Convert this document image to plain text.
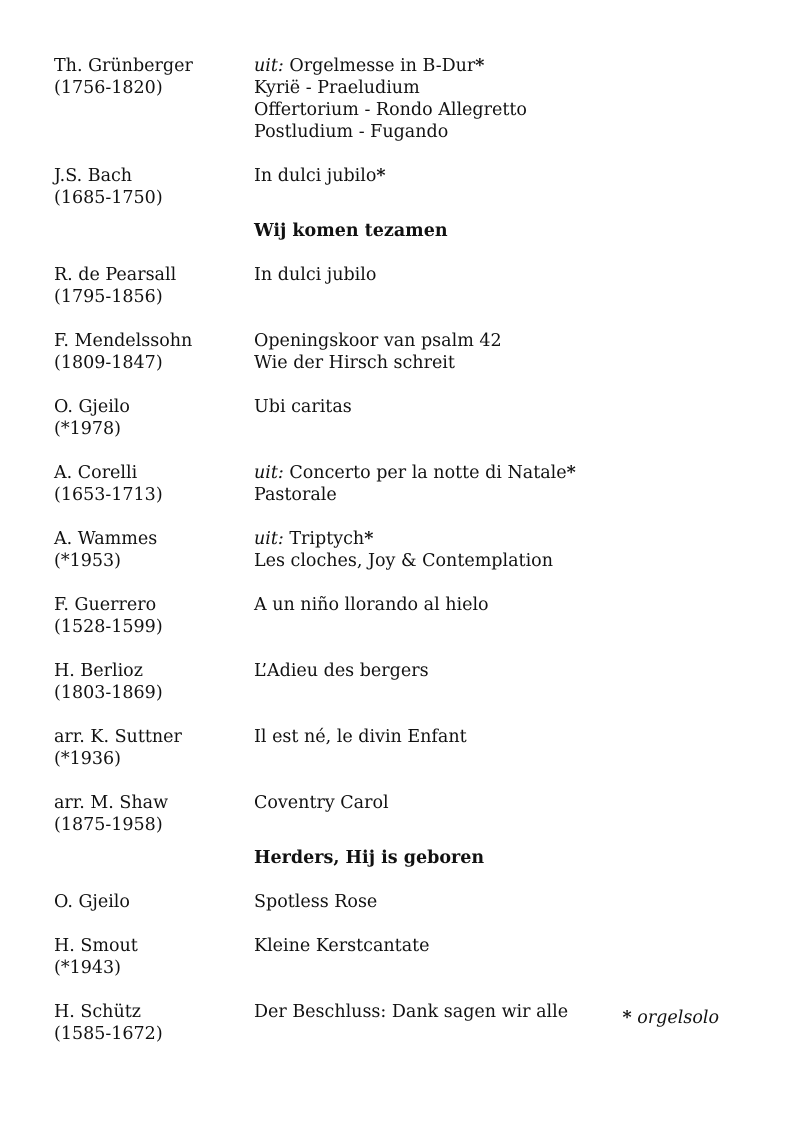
Th. Grünberger
(1756-1820)
uit: Orgelmesse in B-Dur*
Kyrië - Praeludium
Offertorium - Rondo Allegretto
Postludium - Fugando
J.S. Bach
(1685-1750)
In dulci jubilo*
Wij komen tezamen
R. de Pearsall
(1795-1856)
In dulci jubilo
F. Mendelssohn
(1809-1847)
Openingskoor van psalm 42
Wie der Hirsch schreit
O. Gjeilo
(*1978)
Ubi caritas
A. Corelli
(1653-1713)
uit: Concerto per la notte di Natale*
Pastorale
A. Wammes
(*1953)
uit: Triptych*
Les cloches, Joy & Contemplation
F. Guerrero
(1528-1599)
A un niño llorando al hielo
H. Berlioz
(1803-1869)
L’Adieu des bergers
arr. K. Suttner
(*1936)
Il est né, le divin Enfant
arr. M. Shaw
(1875-1958)
Coventry Carol
Herders, Hij is geboren
O. Gjeilo	Spotless Rose
H. Smout
(*1943)
Kleine Kerstcantate
H. Schütz
(1585-1672)
Der Beschluss: Dank sagen wir alle	* orgelsolo
